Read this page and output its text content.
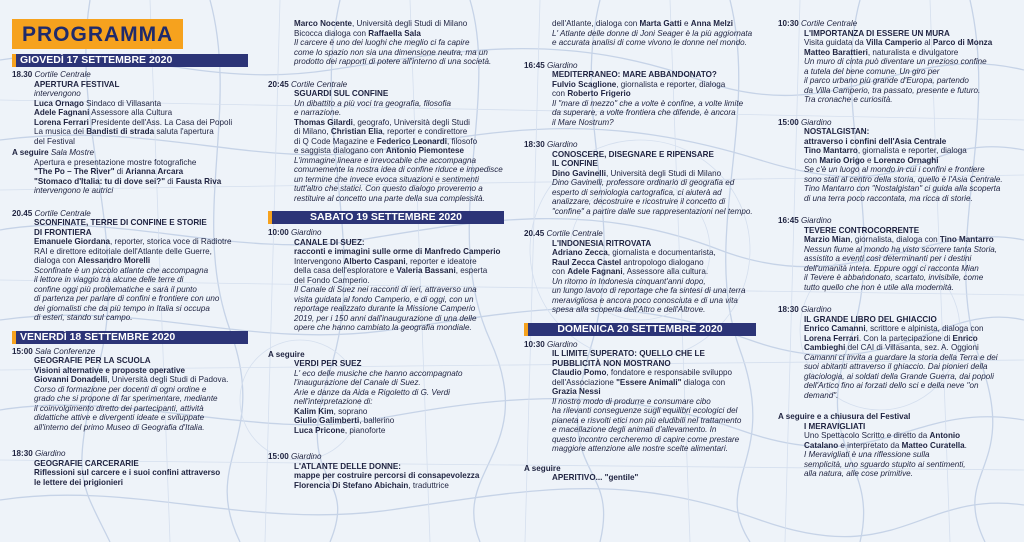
PROGRAMMA
GIOVEDÌ 17 SETTEMBRE 2020
18.30 Cortile Centrale
APERTURA FESTIVAL
intervengono
Luca Ornago Sindaco di Villasanta
Adele Fagnani Assessore alla Cultura
Lorena Ferrari Presidente dell'Ass. La Casa dei Popoli
La musica dei Bandisti di strada saluta l'apertura
del Festival
A seguire Sala Mostre
Apertura e presentazione mostre fotografiche
"The Po – The River" di Arianna Arcara
"Stomaco d'Italia: tu di dove sei?" di Fausta Riva
intervengono le autrici
20.45 Cortile Centrale
SCONFINATE, TERRE DI CONFINE E STORIE
DI FRONTIERA
Emanuele Giordana, reporter, storica voce di Radiotre
RAI e direttore editoriale dell'Atlante delle Guerre,
dialoga con Alessandro Morelli
Sconfinate è un piccolo atlante che accompagna
il lettore in viaggio tra alcune delle terre di
confine oggi più problematiche e sarà il punto
di partenza per parlare di confini e frontiere con uno
dei giornalisti che da più tempo in Italia si occupa
di esteri, stando sul campo.
VENERDÌ 18 SETTEMBRE 2020
15:00 Sala Conferenze
GEOGRAFIE PER LA SCUOLA
Visioni alternative e proposte operative
Giovanni Donadelli, Università degli Studi di Padova.
Corso di formazione per docenti di ogni ordine e
grado che si propone di far sperimentare, mediante
il coinvolgimento diretto dei partecipanti, attività
didattiche attive e divergenti ideate e sviluppate
all'interno del primo Museo di Geografia d'Italia.
18:30 Giardino
GEOGRAFIE CARCERARIE
Riflessioni sul carcere e i suoi confini attraverso
le lettere dei prigionieri
Marco Nocente, Università degli Studi di Milano
Bicocca dialoga con Raffaella Sala
Il carcere è uno dei luoghi che meglio ci fa capire
come lo spazio non sia una dimensione neutra, ma un
prodotto dei rapporti di potere all'interno di una società.
20:45 Cortile Centrale
SGUARDI SUL CONFINE
Un dibattito a più voci tra geografia, filosofia
e narrazione.
Thomas Gilardi, geografo, Università degli Studi
di Milano, Christian Elia, reporter e condirettore
di Q Code Magazine e Federico Leonardi, filosofo
e saggista dialogano con Antonio Piemontese
L'immagine lineare e irrevocabile che accompagna
comunemente la nostra idea di confine riduce e impedisce
un termine che invece evoca situazioni e sentimenti
tutt'altro che statici. Con questo dialogo proveremo a
restituire al concetto una parte della sua complessità.
SABATO 19 SETTEMBRE 2020
10:00 Giardino
CANALE DI SUEZ:
racconti e immagini sulle orme di Manfredo Camperio
Intervengono Alberto Caspani, reporter e ideatore
della casa dell'esploratore e Valeria Bassani, esperta
del Fondo Camperio.
Il Canale di Suez nei racconti di ieri, attraverso una
visita guidata al fondo Camperio, e di oggi, con un
reportage realizzato durante la Missione Camperio
2019, per i 150 anni dall'inaugurazione di una delle
opere che hanno cambiato la geografia mondiale.
A seguire
VERDI PER SUEZ
L' eco delle musiche che hanno accompagnato
l'inaugurazione del Canale di Suez.
Arie e danze da Aida e Rigoletto di G. Verdi
nell'interpretazione di:
Kalim Kim, soprano
Giulio Galimberti, ballerino
Luca Pricone, pianoforte
15:00 Giardino
L'ATLANTE DELLE DONNE:
mappe per costruire percorsi di consapevolezza
Florencia Di Stefano Abichain, traduttrice
dell'Atlante, dialoga con Marta Gatti e Anna Melzi
L' Atlante delle donne di Joni Seager è la più aggiornata
e accurata analisi di come vivono le donne nel mondo.
16:45 Giardino
MEDITERRANEO: MARE ABBANDONATO?
Fulvio Scaglione, giornalista e reporter, dialoga
con Roberto Frigerio
Il "mare di mezzo" che a volte è confine, a volte limite
da superare, a volte frontiera che difende, è ancora
il Mare Nostrum?
18:30 Giardino
CONOSCERE, DISEGNARE E RIPENSARE
IL CONFINE
Dino Gavinelli, Università degli Studi di Milano
Dino Gavinelli, professore ordinario di geografia ed
esperto di semiologia cartografica, ci aiuterà ad
analizzare, decostruire e ricostruire il concetto di
"confine" a partire dalle sue rappresentazioni nel tempo.
20.45 Cortile Centrale
L'INDONESIA RITROVATA
Adriano Zecca, giornalista e documentarista,
Raul Zecca Castel antropologo dialogano
con Adele Fagnani, Assessore alla cultura.
Un ritorno in Indonesia cinquant'anni dopo,
un lungo lavoro di reportage che fa sintesi di una terra
meravigliosa e ancora poco conosciuta e di una vita
spesa alla scoperta dell'Altro e dell'Altrove.
DOMENICA 20 SETTEMBRE 2020
10:30 Giardino
IL LIMITE SUPERATO: QUELLO CHE LE
PUBBLICITÀ NON MOSTRANO
Claudio Pomo, fondatore e responsabile sviluppo
dell'Associazione "Essere Animali" dialoga con
Grazia Nessi
Il nostro modo di produrre e consumare cibo
ha rilevanti conseguenze sugli equilibri ecologici del
pianeta e risvolti etici non più eludibili nel trattamento
e macellazione degli animali d'allevamento. In
questo incontro cercheremo di capire come prestare
maggiore attenzione alle nostre scelte alimentari.
A seguire
APERITIVO... "gentile"
10:30 Cortile Centrale
L'IMPORTANZA DI ESSERE UN MURA
Visita guidata da Villa Camperio al Parco di Monza
Matteo Barattieri, naturalista e divulgatore
Un muro di cinta può diventare un prezioso confine
a tutela del bene comune. Un giro per
il parco urbano più grande d'Europa, partendo
da Villa Camperio, tra passato, presente e futuro.
Tra cronache e curiosità.
15:00 Giardino
NOSTALGISTAN:
attraverso i confini dell'Asia Centrale
Tino Mantarro, giornalista e reporter, dialoga
con Mario Origo e Lorenzo Ornaghi
Se c'è un luogo al mondo in cui i confini e frontiere
sono stati al centro della storia, quello è l'Asia Centrale.
Tino Mantarro con "Nostalgistan" ci guida alla scoperta
di una terra poco raccontata, ma ricca di storie.
16:45 Giardino
TEVERE CONTROCORRENTE
Marzio Mian, giornalista, dialoga con Tino Mantarro
Nessun fiume al mondo ha visto scorrere tanta Storia,
assistito a eventi così determinanti per i destini
dell'umanità intera. Eppure oggi ci racconta Mian
il Tevere è abbandonato, scartato, invisibile, come
tutto quello che non è utile alla modernità.
18:30 Giardino
IL GRANDE LIBRO DEL GHIACCIO
Enrico Camanni, scrittore e alpinista, dialoga con
Lorena Ferrari. Con la partecipazione di Enrico
Cambieghi del CAI di Villasanta, sez. A. Oggioni
Camanni ci invita a guardare la storia della Terra e dei
suoi abitanti attraverso il ghiaccio. Dai pionieri della
glaciologia, ai soldati della Grande Guerra, dai popoli
dell'Artico fino ai forzati dello sci e della neve "on
demand".
A seguire e a chiusura del Festival
I MERAVIGLIATI
Uno Spettacolo Scritto e diretto da Antonio
Catalano e interpretato da Matteo Curatella.
I Meravigliati è una riflessione sulla
semplicità, uno sguardo stupito ai sentimenti,
alla natura, alle cose primitive.
